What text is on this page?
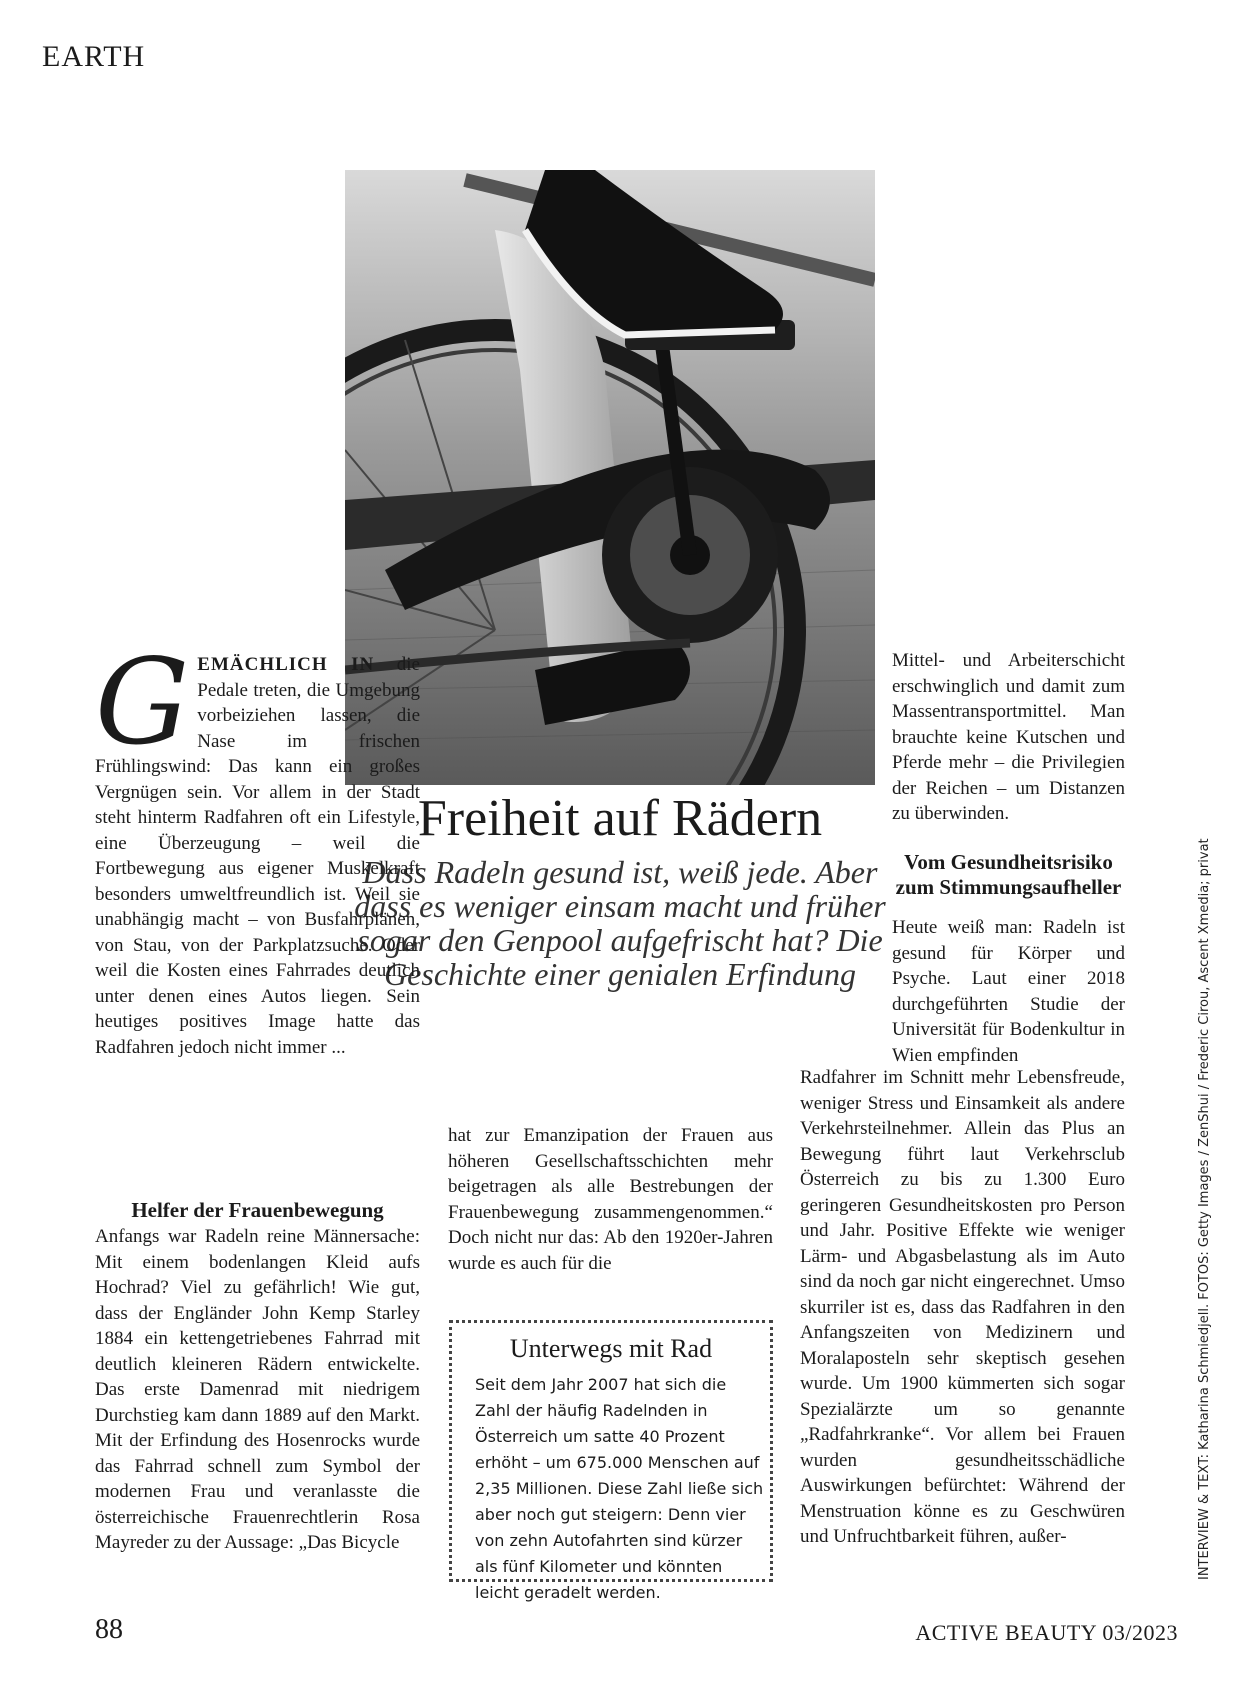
EARTH
Freiheit auf Rädern
Dass Radeln gesund ist, weiß jede. Aber dass es weniger einsam macht und früher sogar den Genpool aufgefrischt hat? Die Geschichte einer genialen Erfindung

G EMÄCHLICH IN die Pedale treten, die Umgebung vorbeiziehen lassen, die Nase im frischen Frühlingswind: Das kann ein großes Vergnügen sein. Vor allem in der Stadt steht hinterm Radfahren oft ein Lifestyle, eine Überzeugung – weil die Fortbewegung aus eigener Muskelkraft besonders umweltfreundlich ist. Weil sie unabhängig macht – von Busfahrplänen, von Stau, von der Parkplatzsuche. Oder weil die Kosten eines Fahrrades deutlich unter denen eines Autos liegen. Sein heutiges positives Image hatte das Radfahren jedoch nicht immer ...

Helfer der Frauenbewegung

Anfangs war Radeln reine Männersache: Mit einem bodenlangen Kleid aufs Hochrad? Viel zu gefährlich! Wie gut, dass der Engländer John Kemp Starley 1884 ein kettengetriebenes Fahrrad mit deutlich kleineren Rädern entwickelte. Das erste Damenrad mit niedrigem Durchstieg kam dann 1889 auf den Markt. Mit der Erfindung des Hosenrocks wurde das Fahrrad schnell zum Symbol der modernen Frau und veranlasste die österreichische Frauenrechtlerin Rosa Mayreder zu der Aussage: „Das Bicycle

hat zur Emanzipation der Frauen aus höheren Gesellschaftsschichten mehr beigetragen als alle Bestrebungen der Frauenbewegung zusammengenommen.“ Doch nicht nur das: Ab den 1920er-Jahren wurde es auch für die

Unterwegs mit Rad
Seit dem Jahr 2007 hat sich die Zahl der häufig Radelnden in Österreich um satte 40 Prozent erhöht – um 675.000 Menschen auf 2,35 Millionen. Diese Zahl ließe sich aber noch gut steigern: Denn vier von zehn Autofahrten sind kürzer als fünf Kilometer und könnten leicht geradelt werden.

Mittel- und Arbeiterschicht erschwinglich und damit zum Massentransportmittel. Man brauchte keine Kutschen und Pferde mehr – die Privilegien der Reichen – um Distanzen zu überwinden.

Vom Gesundheitsrisiko zum Stimmungsaufheller

Heute weiß man: Radeln ist gesund für Körper und Psyche. Laut einer 2018 durchgeführten Studie der Universität für Bodenkultur in Wien empfinden

Radfahrer im Schnitt mehr Lebensfreude, weniger Stress und Einsamkeit als andere Verkehrsteilnehmer. Allein das Plus an Bewegung führt laut Verkehrsclub Österreich zu bis zu 1.300 Euro geringeren Gesundheitskosten pro Person und Jahr. Positive Effekte wie weniger Lärm- und Abgasbelastung als im Auto sind da noch gar nicht eingerechnet. Umso skurriler ist es, dass das Radfahren in den Anfangszeiten von Medizinern und Moralaposteln sehr skeptisch gesehen wurde. Um 1900 kümmerten sich sogar Spezialärzte um so genannte „Radfahrkranke“. Vor allem bei Frauen wurden gesundheitsschädliche Auswirkungen befürchtet: Während der Menstruation könne es zu Geschwüren und Unfruchtbarkeit führen, außer-

88	ACTIVE BEAUTY 03/2023
INTERVIEW & TEXT: Katharina Schmiedjell. FOTOS: Getty Images / ZenShui / Frederic Cirou, Ascent Xmedia; privat
